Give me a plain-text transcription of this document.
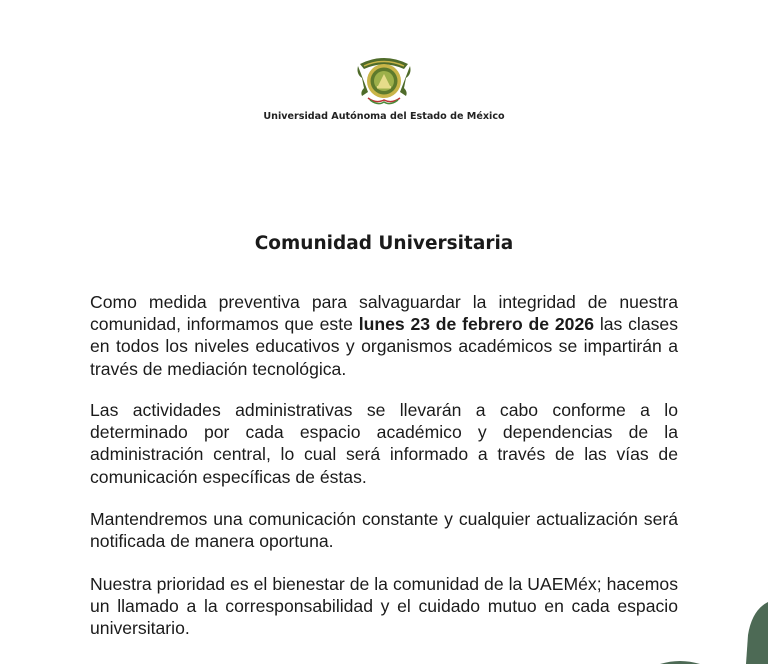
Universidad Autónoma del Estado de México
Comunidad Universitaria
Como medida preventiva para salvaguardar la integridad de nuestra comunidad, informamos que este lunes 23 de febrero de 2026 las clases en todos los niveles educativos y organismos académicos se impartirán a través de mediación tecnológica.
Las actividades administrativas se llevarán a cabo conforme a lo determinado por cada espacio académico y dependencias de la administración central, lo cual será informado a través de las vías de comunicación específicas de éstas.
Mantendremos una comunicación constante y cualquier actualización será notificada de manera oportuna.
Nuestra prioridad es el bienestar de la comunidad de la UAEMéx; hacemos un llamado a la corresponsabilidad y el cuidado mutuo en cada espacio universitario.
